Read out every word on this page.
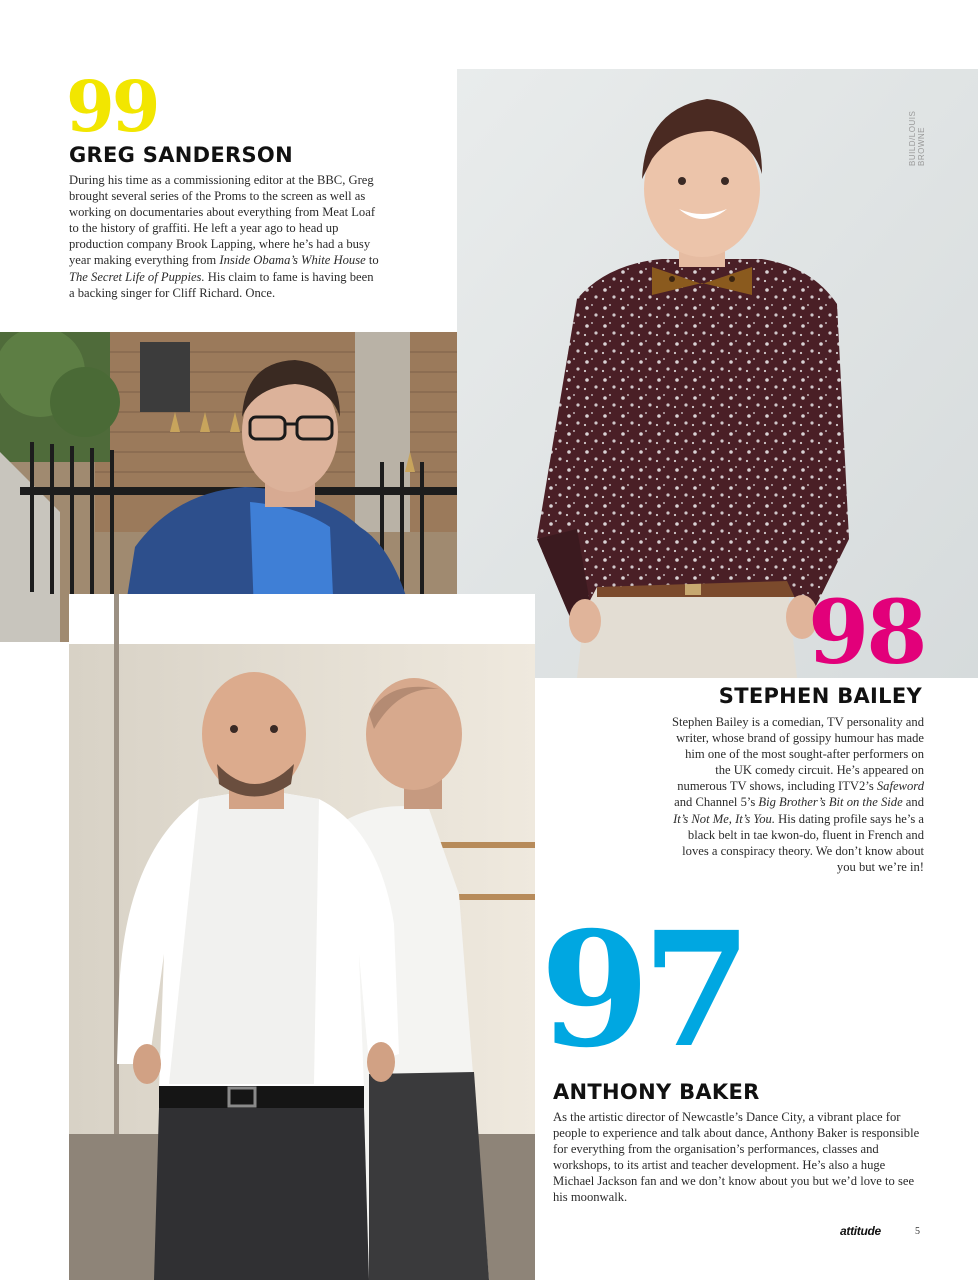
BUILD/LOUIS BROWNE
99
GREG SANDERSON
During his time as a commissioning editor at the BBC, Greg brought several series of the Proms to the screen as well as working on documentaries about everything from Meat Loaf to the history of graffiti. He left a year ago to head up production company Brook Lapping, where he’s had a busy year making everything from Inside Obama’s White House to The Secret Life of Puppies. His claim to fame is having been a backing singer for Cliff Richard. Once.
98
STEPHEN BAILEY
Stephen Bailey is a comedian, TV personality and writer, whose brand of gossipy humour has made him one of the most sought-after performers on the UK comedy circuit. He’s appeared on numerous TV shows, including ITV2’s Safeword and Channel 5’s Big Brother’s Bit on the Side and It’s Not Me, It’s You. His dating profile says he’s a black belt in tae kwon-do, fluent in French and loves a conspiracy theory. We don’t know about you but we’re in!
97
ANTHONY BAKER
As the artistic director of Newcastle’s Dance City, a vibrant place for people to experience and talk about dance, Anthony Baker is responsible for everything from the organisation’s performances, classes and workshops, to its artist and teacher development. He’s also a huge Michael Jackson fan and we don’t know about you but we’d love to see his moonwalk.
attitude	5
